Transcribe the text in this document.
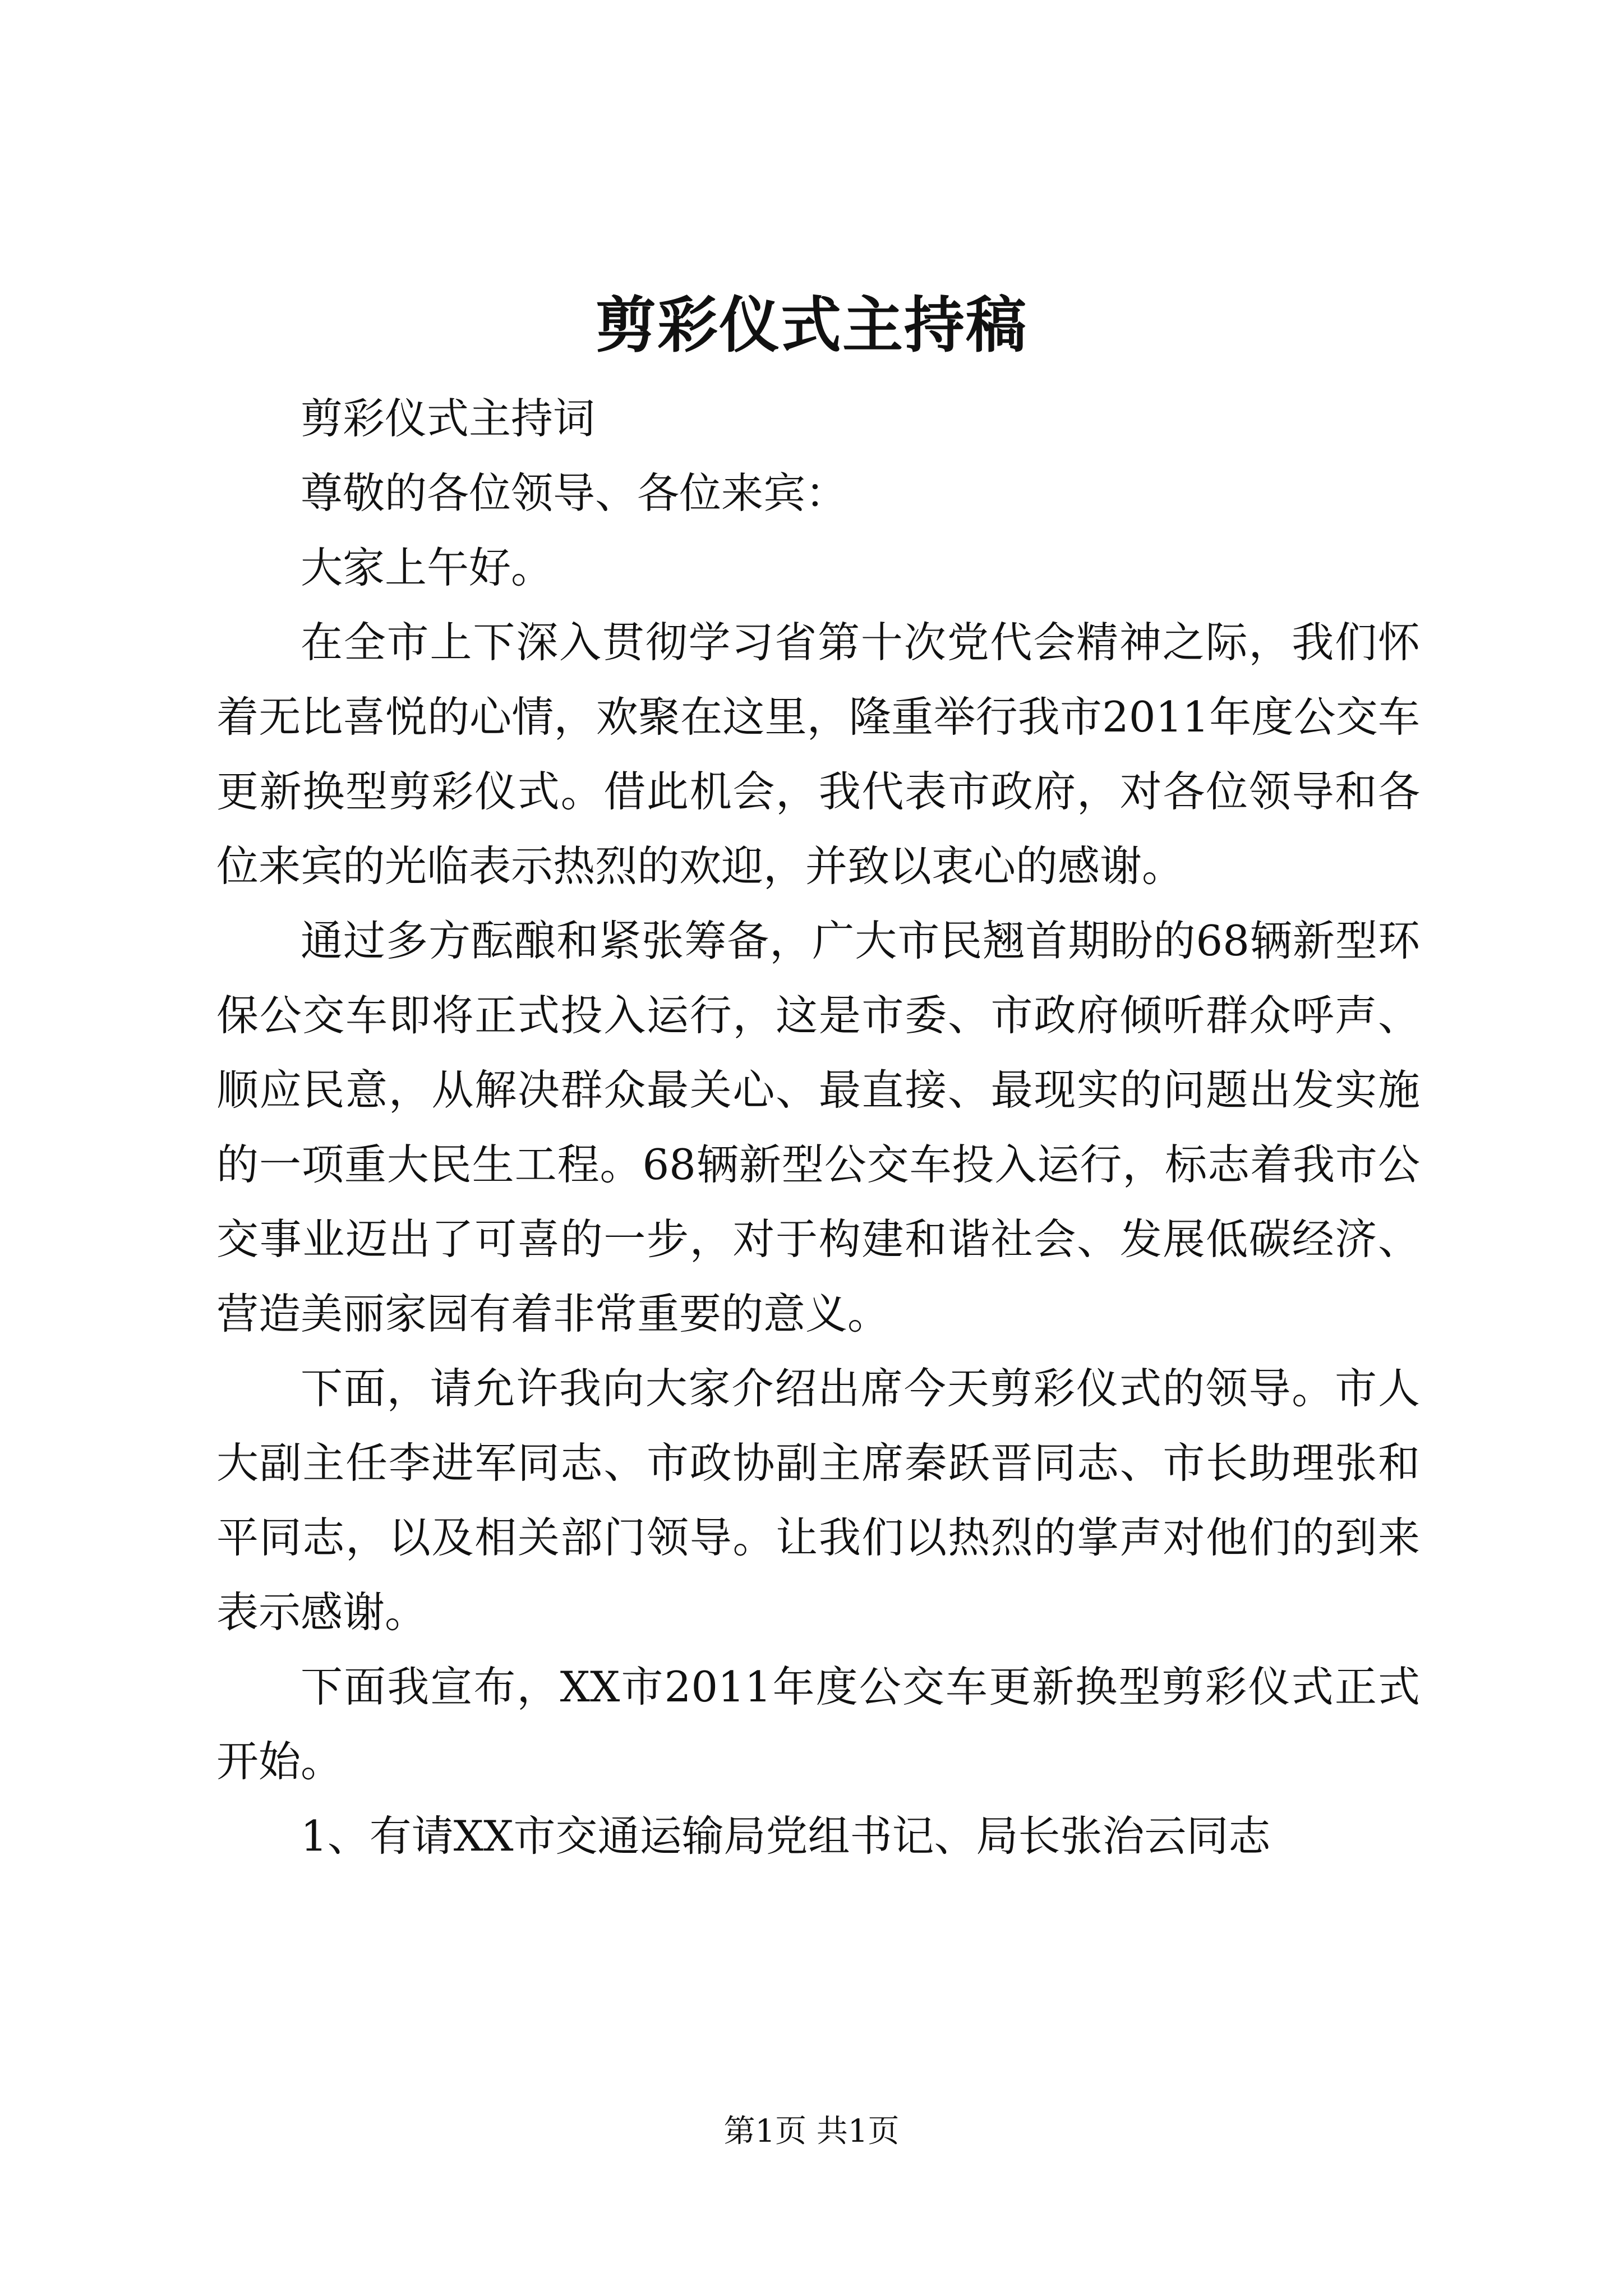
剪彩仪式主持稿

剪彩仪式主持词

尊敬的各位领导、各位来宾：

大家上午好。

在全市上下深入贯彻学习省第十次党代会精神之际，我们怀着无比喜悦的心情，欢聚在这里，隆重举行我市2011年度公交车更新换型剪彩仪式。借此机会，我代表市政府，对各位领导和各位来宾的光临表示热烈的欢迎，并致以衷心的感谢。

通过多方酝酿和紧张筹备，广大市民翘首期盼的68辆新型环保公交车即将正式投入运行，这是市委、市政府倾听群众呼声、顺应民意，从解决群众最关心、最直接、最现实的问题出发实施的一项重大民生工程。68辆新型公交车投入运行，标志着我市公交事业迈出了可喜的一步，对于构建和谐社会、发展低碳经济、营造美丽家园有着非常重要的意义。

下面，请允许我向大家介绍出席今天剪彩仪式的领导。市人大副主任李进军同志、市政协副主席秦跃晋同志、市长助理张和平同志，以及相关部门领导。让我们以热烈的掌声对他们的到来表示感谢。

下面我宣布，XX市2011年度公交车更新换型剪彩仪式正式开始。

1、有请XX市交通运输局党组书记、局长张治云同志

第1页 共1页
